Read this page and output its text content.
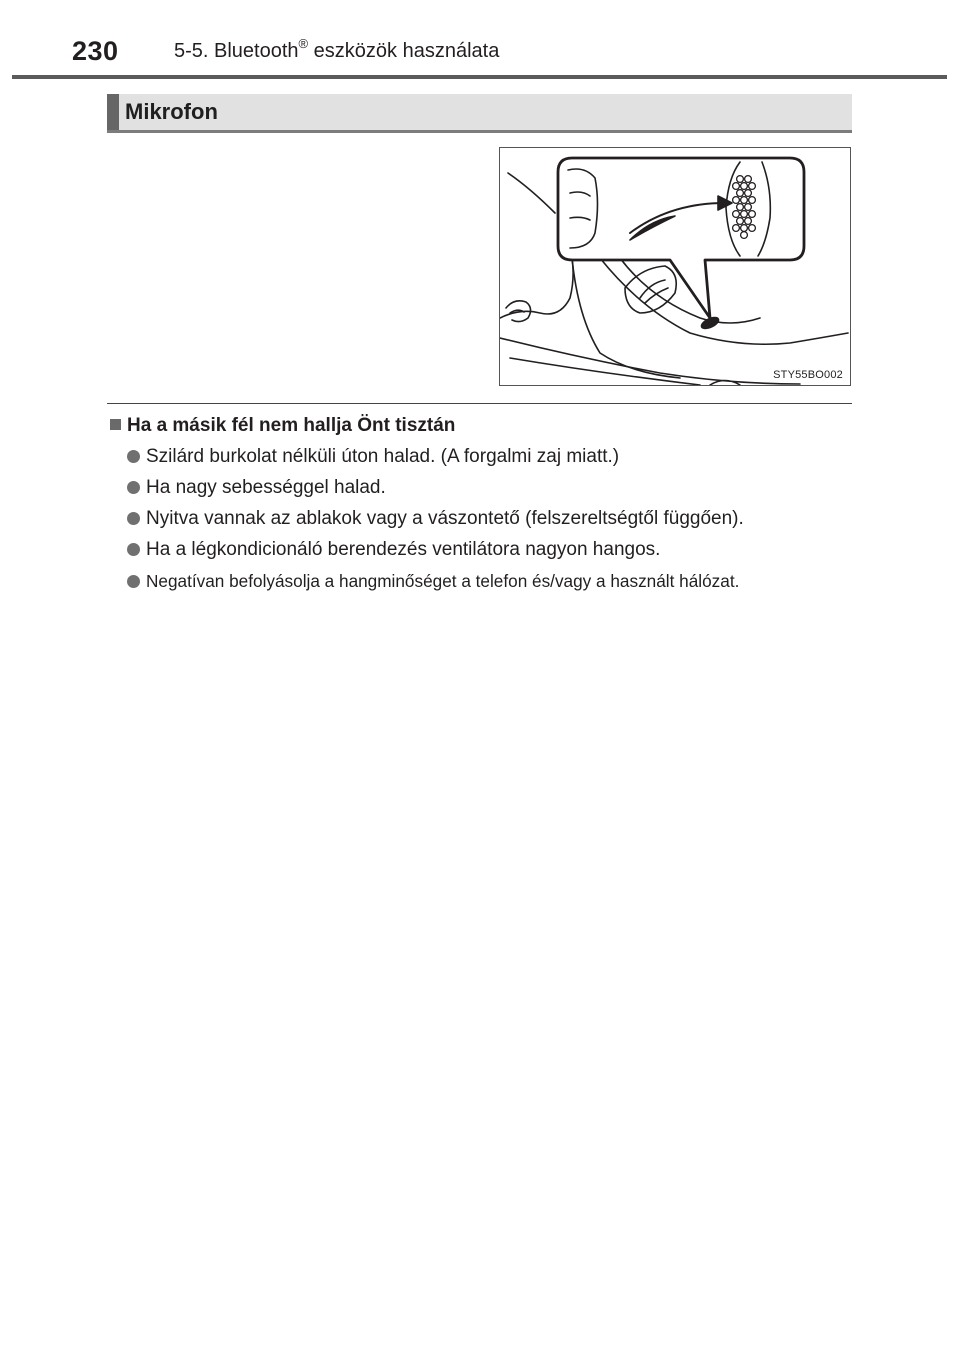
230	5-5. Bluetooth® eszközök használata
Mikrofon
STY55BO002
Ha a másik fél nem hallja Önt tisztán
Szilárd burkolat nélküli úton halad. (A forgalmi zaj miatt.)
Ha nagy sebességgel halad.
Nyitva vannak az ablakok vagy a vászontető (felszereltségtől függően).
Ha a légkondicionáló berendezés ventilátora nagyon hangos.
Negatívan befolyásolja a hangminőséget a telefon és/vagy a használt hálózat.
